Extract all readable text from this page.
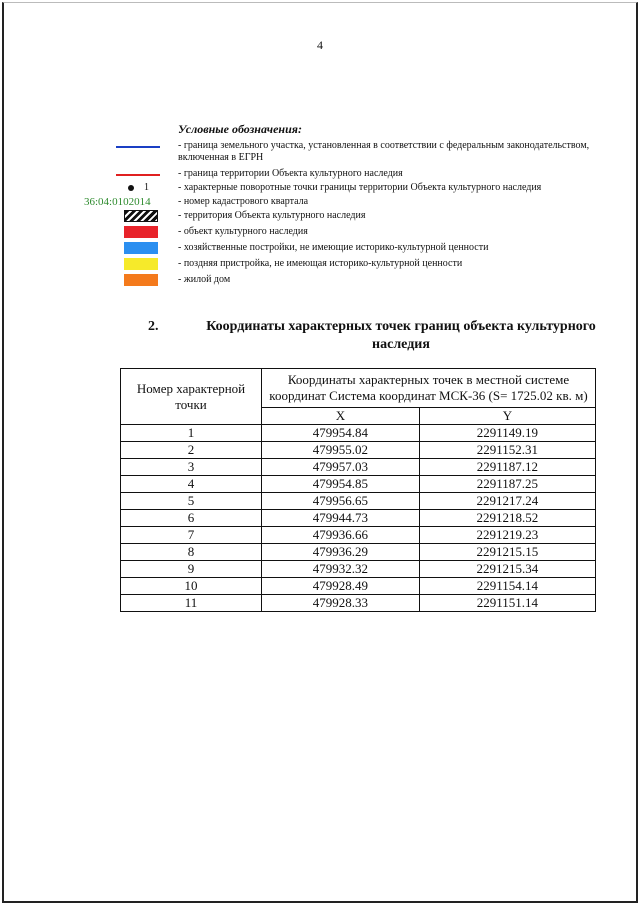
4
Условные обозначения:
- граница земельного участка, установленная в соответствии с федеральным законодательством, включенная в ЕГРН
- граница территории Объекта культурного наследия
1	- характерные поворотные точки границы территории Объекта культурного наследия
36:04:0102014	- номер кадастрового квартала
- территория Объекта культурного наследия
- объект культурного наследия
- хозяйственные постройки, не имеющие историко-культурной ценности
- поздняя пристройка, не имеющая историко-культурной ценности
- жилой дом
2.	Координаты характерных точек границ объекта культурного наследия
Номер характерной точки	Координаты характерных точек в местной системе координат Система координат МСК-36 (S= 1725.02 кв. м)	
	X	Y
1	479954.84	2291149.19
2	479955.02	2291152.31
3	479957.03	2291187.12
4	479954.85	2291187.25
5	479956.65	2291217.24
6	479944.73	2291218.52
7	479936.66	2291219.23
8	479936.29	2291215.15
9	479932.32	2291215.34
10	479928.49	2291154.14
11	479928.33	2291151.14
